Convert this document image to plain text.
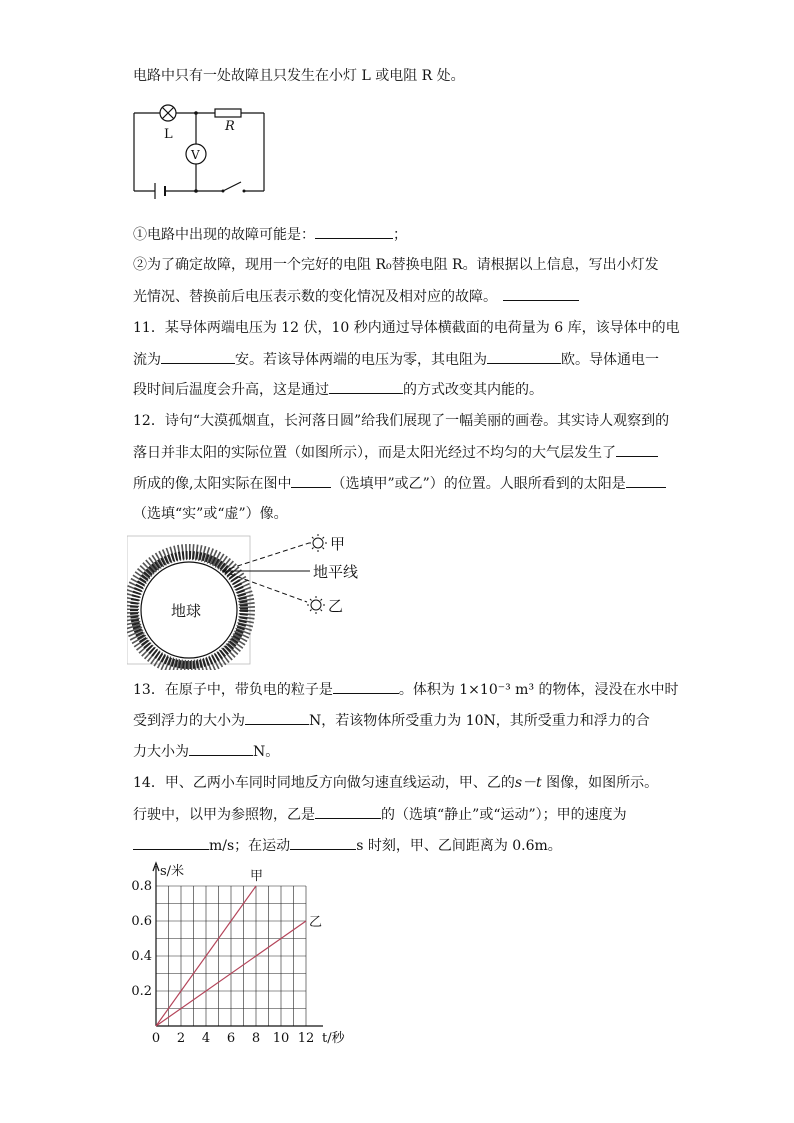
电路中只有一处故障且只发生在小灯 L 或电阻 R 处。
L
R
V
①电路中出现的故障可能是：	；
②为了确定故障，现用一个完好的电阻 R₀替换电阻 R。请根据以上信息，写出小灯发
光情况、替换前后电压表示数的变化情况及相对应的故障。
11．某导体两端电压为 12 伏，10 秒内通过导体横截面的电荷量为 6 库，该导体中的电
流为	安。若该导体两端的电压为零，其电阻为	欧。导体通电一
段时间后温度会升高，这是通过	的方式改变其内能的。
12．诗句“大漠孤烟直，长河落日圆”给我们展现了一幅美丽的画卷。其实诗人观察到的
落日并非太阳的实际位置（如图所示），而是太阳光经过不均匀的大气层发生了
所成的像,太阳实际在图中	（选填甲”或乙”）的位置。人眼所看到的太阳是
（选填“实”或“虚”）像。
地球
甲
地平线
乙
13．在原子中，带负电的粒子是	。体积为 1×10⁻³ m³ 的物体，浸没在水中时
受到浮力的大小为	N，若该物体所受重力为 10N，其所受重力和浮力的合
力大小为	N。
14．甲、乙两小车同时同地反方向做匀速直线运动，甲、乙的s－t 图像，如图所示。
行驶中，以甲为参照物，乙是	的（选填“静止”或“运动”）；甲的速度为
m/s；在运动	s 时刻，甲、乙间距离为 0.6m。
0 2 4 6 8 10 12
0.2
0.4
0.6
0.8
甲
乙
s/米
t/秒
